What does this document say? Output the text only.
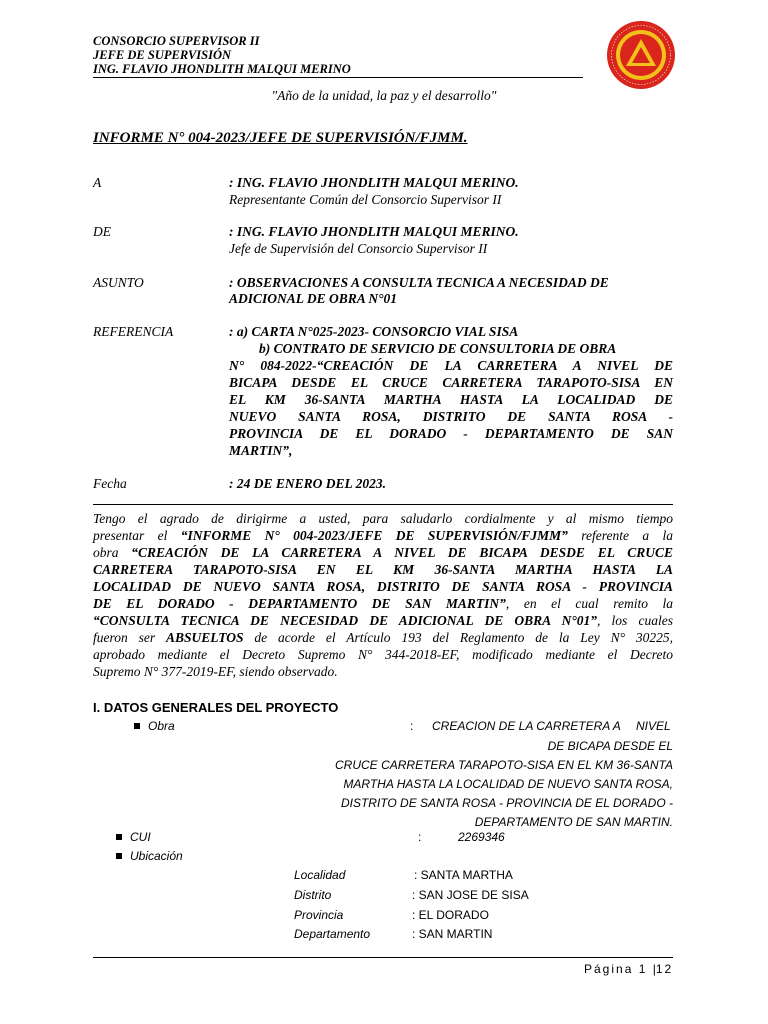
CONSORCIO SUPERVISOR II
JEFE DE SUPERVISIÓN
ING. FLAVIO JHONDLITH MALQUI MERINO
"Año de la unidad, la paz y el desarrollo"
INFORME N° 004-2023/JEFE DE SUPERVISIÓN/FJMM.
A	: ING. FLAVIO JHONDLITH MALQUI MERINO.
Representante Común del Consorcio Supervisor II
DE	: ING. FLAVIO JHONDLITH MALQUI MERINO.
Jefe de Supervisión del Consorcio Supervisor II
ASUNTO	: OBSERVACIONES A CONSULTA TECNICA A NECESIDAD DE
ADICIONAL DE OBRA N°01
REFERENCIA	: a) CARTA N°025-2023- CONSORCIO VIAL SISA
b) CONTRATO DE SERVICIO DE CONSULTORIA DE OBRA
N° 084-2022-“CREACIÓN DE LA CARRETERA A NIVEL DE
BICAPA DESDE EL CRUCE CARRETERA TARAPOTO-SISA EN
EL KM 36-SANTA MARTHA HASTA LA LOCALIDAD DE
NUEVO SANTA ROSA, DISTRITO DE SANTA ROSA -
PROVINCIA DE EL DORADO - DEPARTAMENTO DE SAN
MARTIN”,
Fecha	: 24 DE ENERO DEL 2023.
Tengo el agrado de dirigirme a usted, para saludarlo cordialmente y al mismo tiempo
presentar el “INFORME N° 004-2023/JEFE DE SUPERVISIÓN/FJMM” referente a la
obra “CREACIÓN DE LA CARRETERA A NIVEL DE BICAPA DESDE EL CRUCE
CARRETERA TARAPOTO-SISA EN EL KM 36-SANTA MARTHA HASTA LA
LOCALIDAD DE NUEVO SANTA ROSA, DISTRITO DE SANTA ROSA - PROVINCIA
DE EL DORADO - DEPARTAMENTO DE SAN MARTIN”, en el cual remito la
“CONSULTA TECNICA DE NECESIDAD DE ADICIONAL DE OBRA N°01”, los cuales
fueron ser ABSUELTOS de acorde el Artículo 193 del Reglamento de la Ley N° 30225,
aprobado mediante el Decreto Supremo N° 344-2018-EF, modificado mediante el Decreto
Supremo N° 377-2019-EF, siendo observado.
I. DATOS GENERALES DEL PROYECTO
Obra	: CREACION DE LA CARRETERA A NIVEL
DE BICAPA DESDE EL
CRUCE CARRETERA TARAPOTO-SISA EN EL KM 36-SANTA
MARTHA HASTA LA LOCALIDAD DE NUEVO SANTA ROSA,
DISTRITO DE SANTA ROSA - PROVINCIA DE EL DORADO -
DEPARTAMENTO DE SAN MARTIN.
CUI	:	2269346
Ubicación
Localidad	: SANTA MARTHA
Distrito	: SAN JOSE DE SISA
Provincia	: EL DORADO
Departamento	: SAN MARTIN
Página 1 |12
